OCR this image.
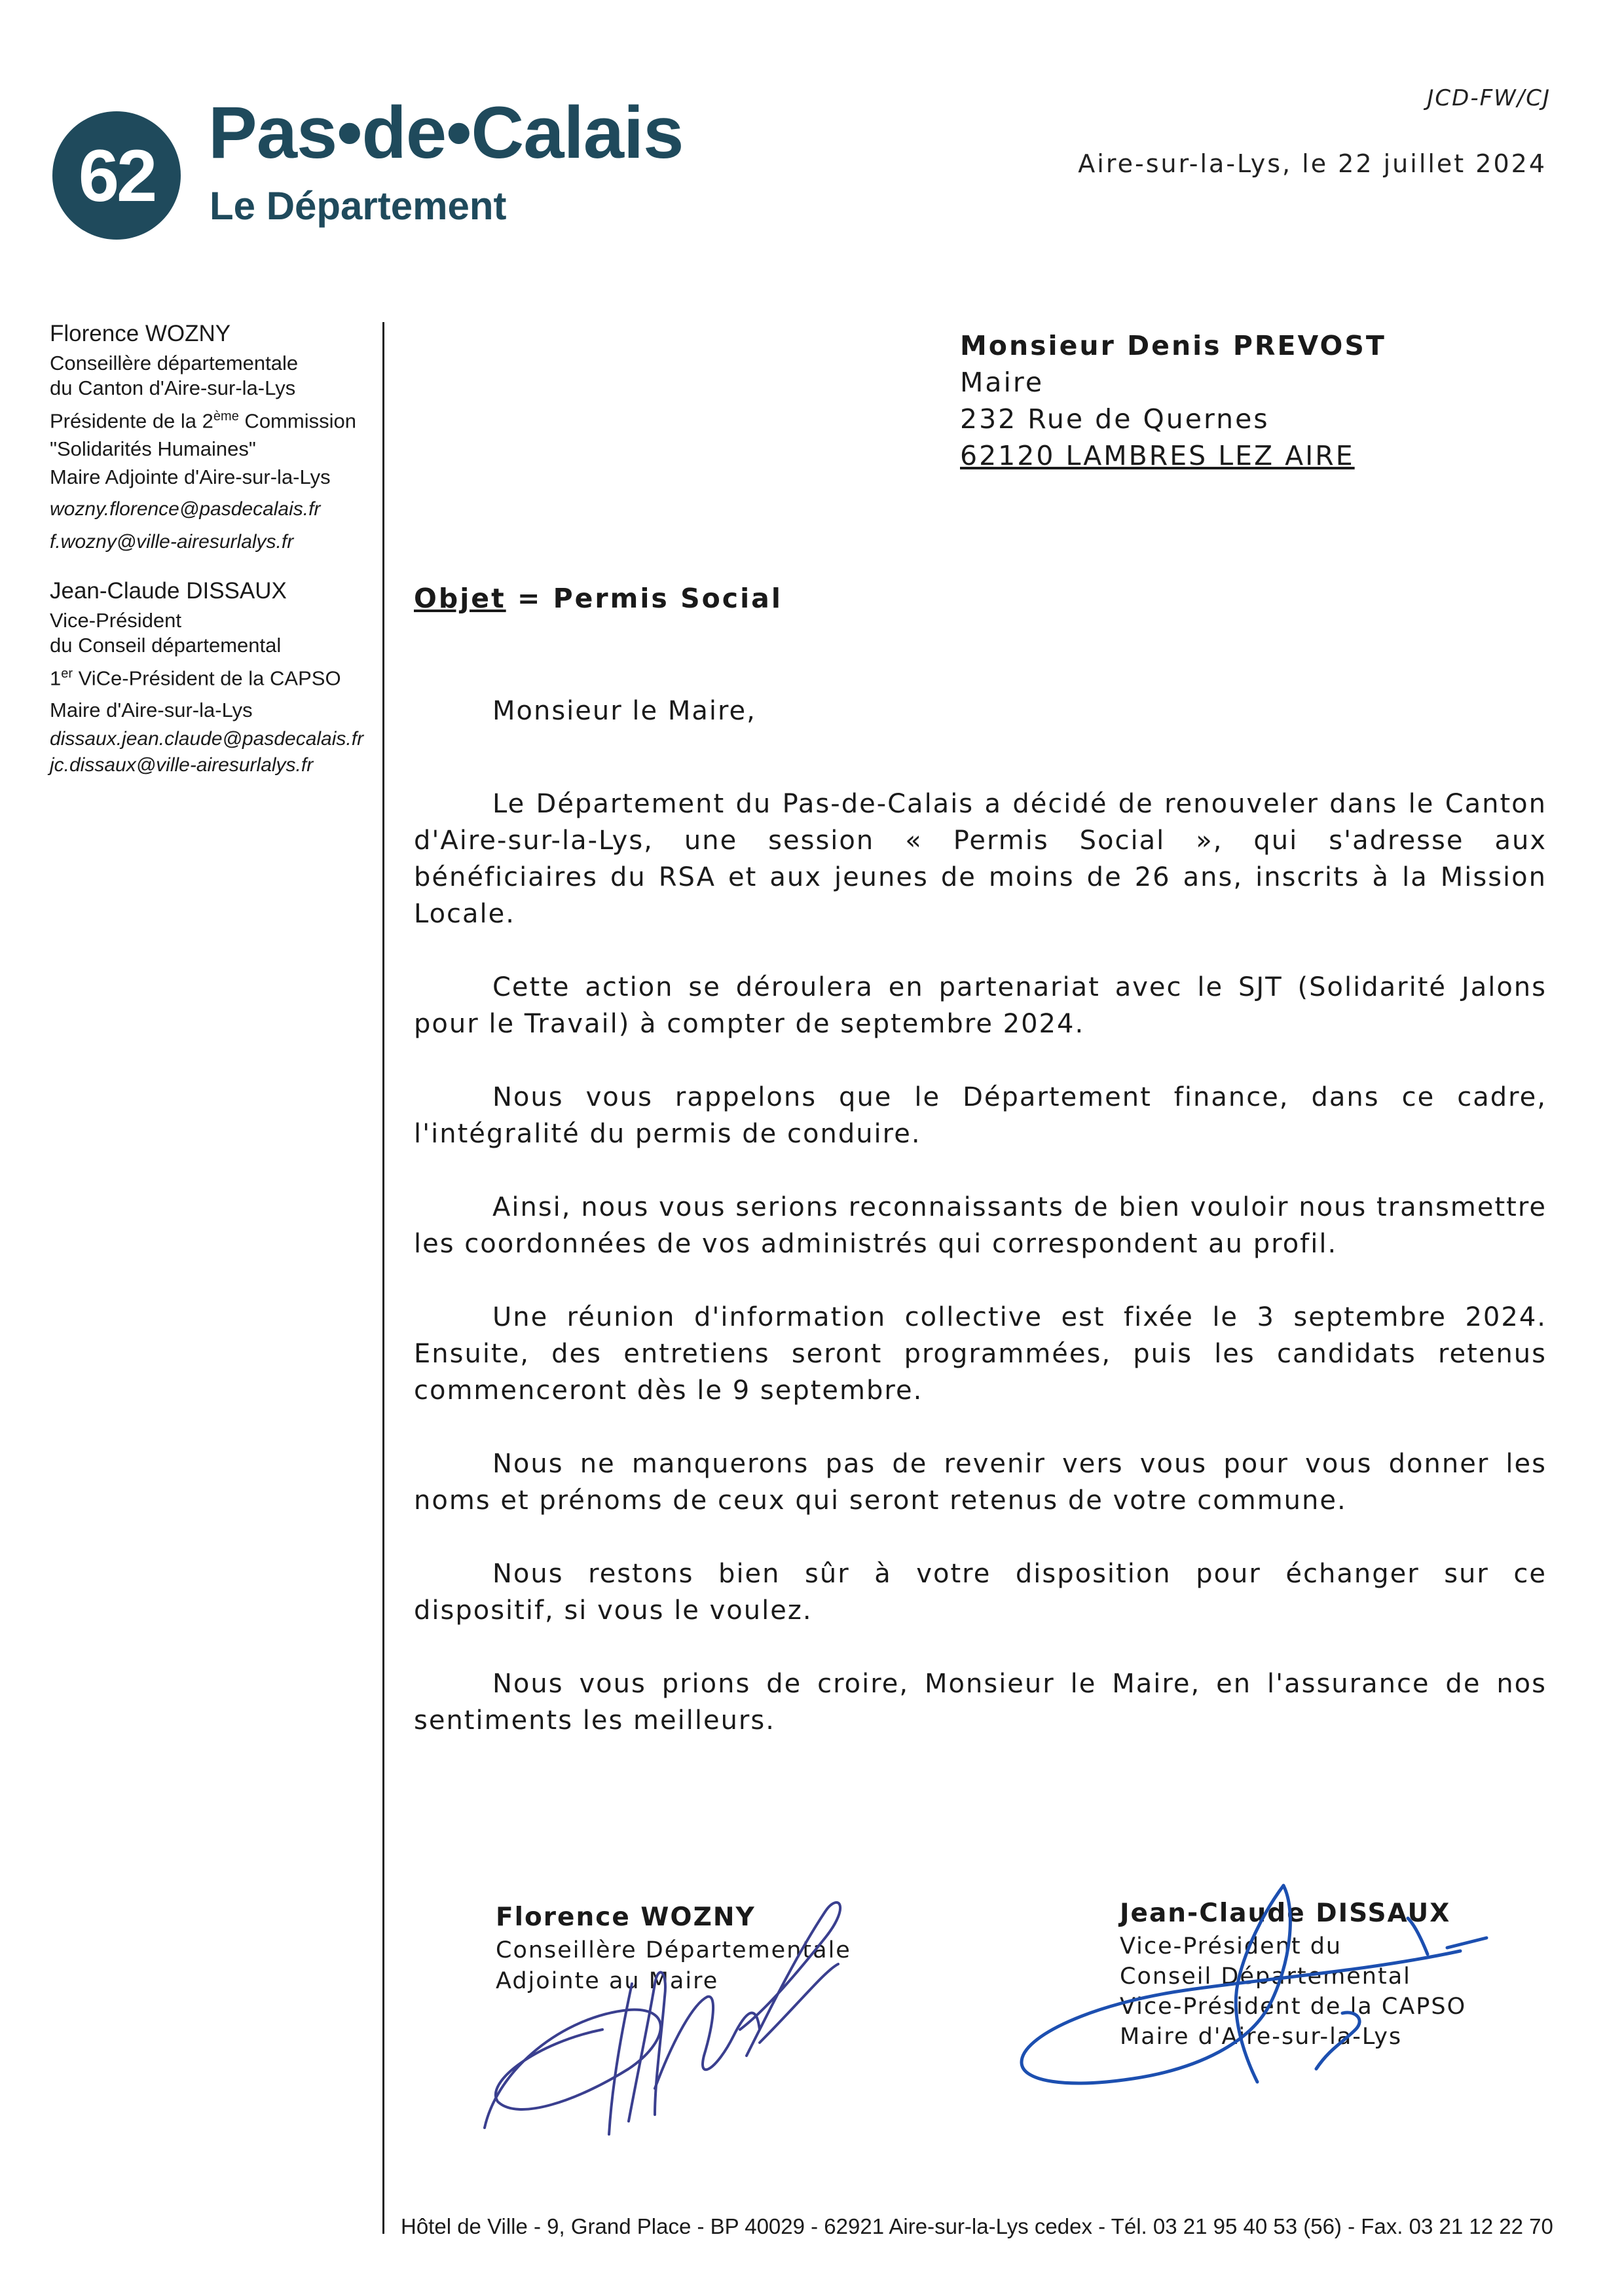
62
Pas•de•Calais
Le Département
JCD-FW/CJ
Aire-sur-la-Lys, le 22 juillet 2024
Florence WOZNY
Conseillère départementale
du Canton d'Aire-sur-la-Lys
Présidente de la 2ème Commission
"Solidarités Humaines"
Maire Adjointe d'Aire-sur-la-Lys
wozny.florence@pasdecalais.fr
f.wozny@ville-airesurlalys.fr
Jean-Claude DISSAUX
Vice-Président
du Conseil départemental
1er ViCe-Président de la CAPSO
Maire d'Aire-sur-la-Lys
dissaux.jean.claude@pasdecalais.fr
jc.dissaux@ville-airesurlalys.fr
Monsieur Denis PREVOST
Maire
232 Rue de Quernes
62120 LAMBRES LEZ AIRE
Objet = Permis Social

Monsieur le Maire,

Le Département du Pas-de-Calais a décidé de renouveler dans le Canton d'Aire-sur-la-Lys, une session « Permis Social », qui s'adresse aux bénéficiaires du RSA et aux jeunes de moins de 26 ans, inscrits à la Mission Locale.

Cette action se déroulera en partenariat avec le SJT (Solidarité Jalons pour le Travail) à compter de septembre 2024.

Nous vous rappelons que le Département finance, dans ce cadre, l'intégralité du permis de conduire.

Ainsi, nous vous serions reconnaissants de bien vouloir nous transmettre les coordonnées de vos administrés qui correspondent au profil.

Une réunion d'information collective est fixée le 3 septembre 2024. Ensuite, des entretiens seront programmées, puis les candidats retenus commenceront dès le 9 septembre.

Nous ne manquerons pas de revenir vers vous pour vous donner les noms et prénoms de ceux qui seront retenus de votre commune.

Nous restons bien sûr à votre disposition pour échanger sur ce dispositif, si vous le voulez.

Nous vous prions de croire, Monsieur le Maire, en l'assurance de nos sentiments les meilleurs.

Florence WOZNY
Conseillère Départementale
Adjointe au Maire
Jean-Claude DISSAUX
Vice-Président du
Conseil Départemental
Vice-Président de la CAPSO
Maire d'Aire-sur-la-Lys
Hôtel de Ville - 9, Grand Place - BP 40029 - 62921 Aire-sur-la-Lys cedex - Tél. 03 21 95 40 53 (56) - Fax. 03 21 12 22 70
